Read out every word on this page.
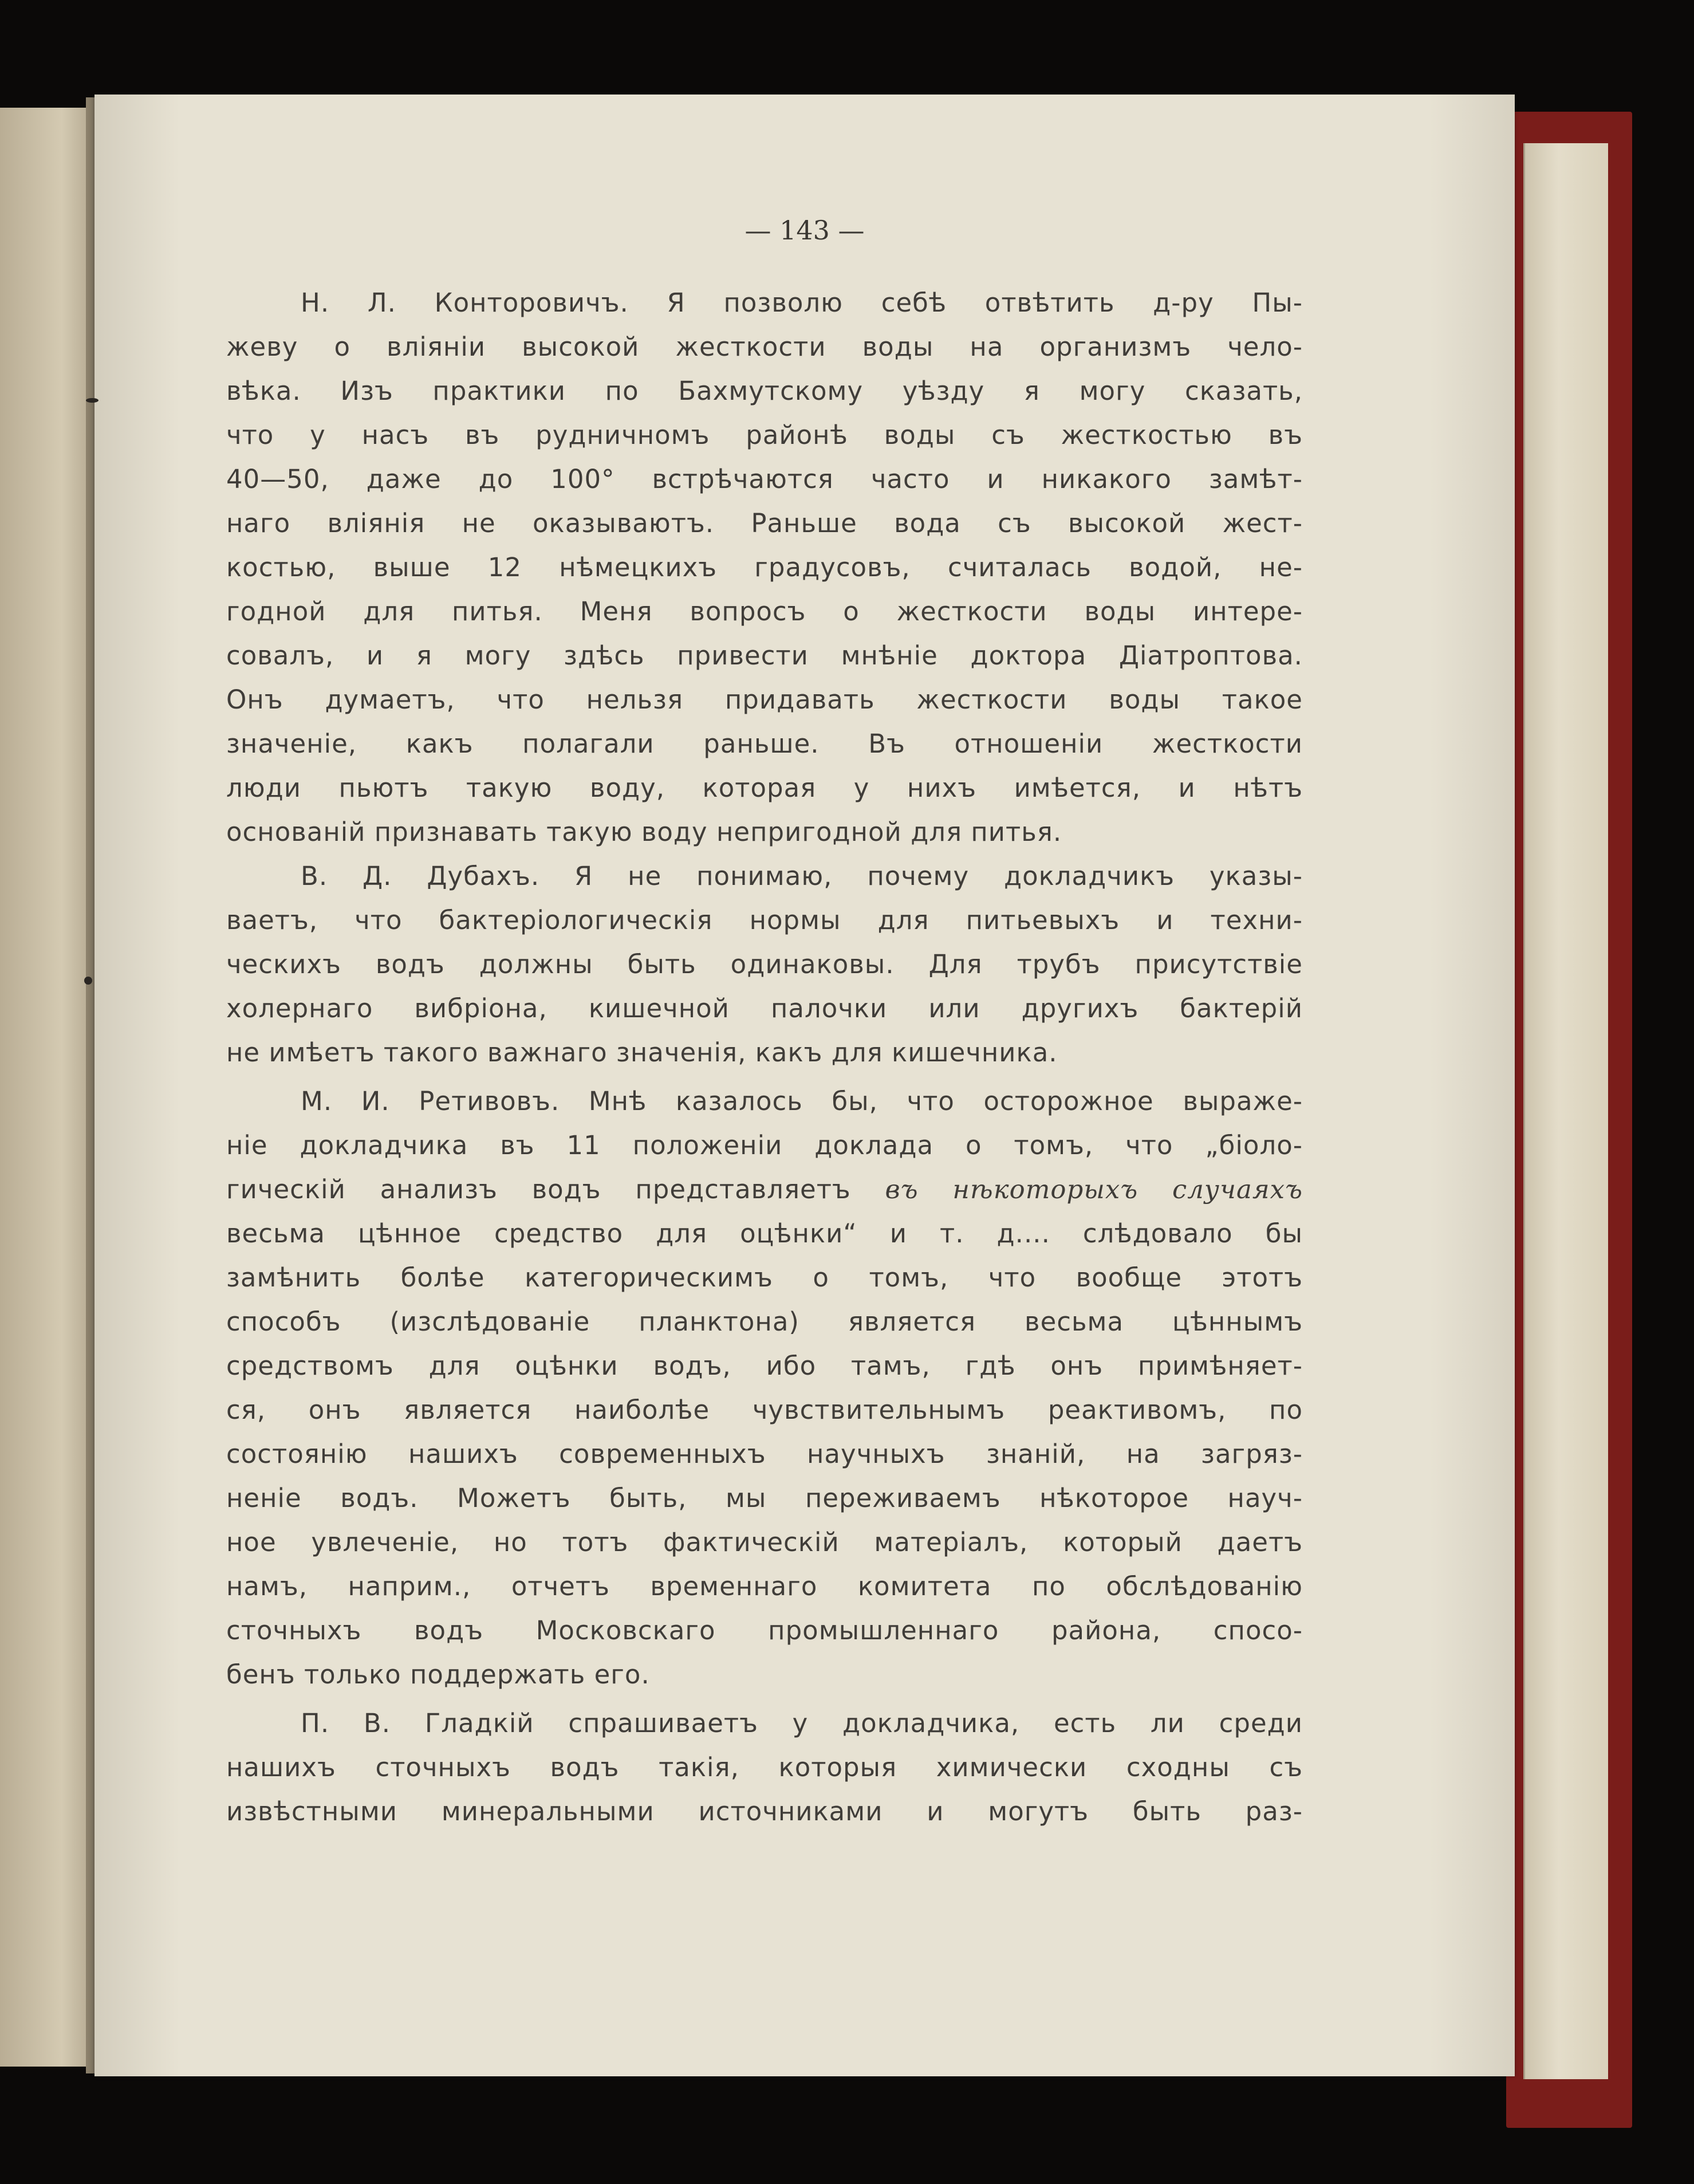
— 143 —
Н. Л. Конторовичъ. Я позволю себѣ отвѣтить д-ру Пы-
жеву о вліяніи высокой жесткости воды на организмъ чело-
вѣка. Изъ практики по Бахмутскому уѣзду я могу сказать,
что у насъ въ рудничномъ районѣ воды съ жесткостью въ
40—50, даже до 100° встрѣчаются часто и никакого замѣт-
наго вліянія не оказываютъ. Раньше вода съ высокой жест-
костью, выше 12 нѣмецкихъ градусовъ, считалась водой, не-
годной для питья. Меня вопросъ о жесткости воды интере-
совалъ, и я могу здѣсь привести мнѣніе доктора Діатроптова.
Онъ думаетъ, что нельзя придавать жесткости воды такое
значеніе, какъ полагали раньше. Въ отношеніи жесткости
люди пьютъ такую воду, которая у нихъ имѣется, и нѣтъ
основаній признавать такую воду непригодной для питья.
В. Д. Дубахъ. Я не понимаю, почему докладчикъ указы-
ваетъ, что бактеріологическія нормы для питьевыхъ и техни-
ческихъ водъ должны быть одинаковы. Для трубъ присутствіе
холернаго вибріона, кишечной палочки или другихъ бактерій
не имѣетъ такого важнаго значенія, какъ для кишечника.
М. И. Ретивовъ. Мнѣ казалось бы, что осторожное выраже-
ніе докладчика въ 11 положеніи доклада о томъ, что „біоло-
гическій анализъ водъ представляетъ въ нѣкоторыхъ случаяхъ
весьма цѣнное средство для оцѣнки“ и т. д.... слѣдовало бы
замѣнить болѣе категорическимъ о томъ, что вообще этотъ
способъ (изслѣдованіе планктона) является весьма цѣннымъ
средствомъ для оцѣнки водъ, ибо тамъ, гдѣ онъ примѣняет-
ся, онъ является наиболѣе чувствительнымъ реактивомъ, по
состоянію нашихъ современныхъ научныхъ знаній, на загряз-
неніе водъ. Можетъ быть, мы переживаемъ нѣкоторое науч-
ное увлеченіе, но тотъ фактическій матеріалъ, который даетъ
намъ, наприм., отчетъ временнаго комитета по обслѣдованію
сточныхъ водъ Московскаго промышленнаго района, спосо-
бенъ только поддержать его.
П. В. Гладкій спрашиваетъ у докладчика, есть ли среди
нашихъ сточныхъ водъ такія, которыя химически сходны съ
извѣстными минеральными источниками и могутъ быть раз-
